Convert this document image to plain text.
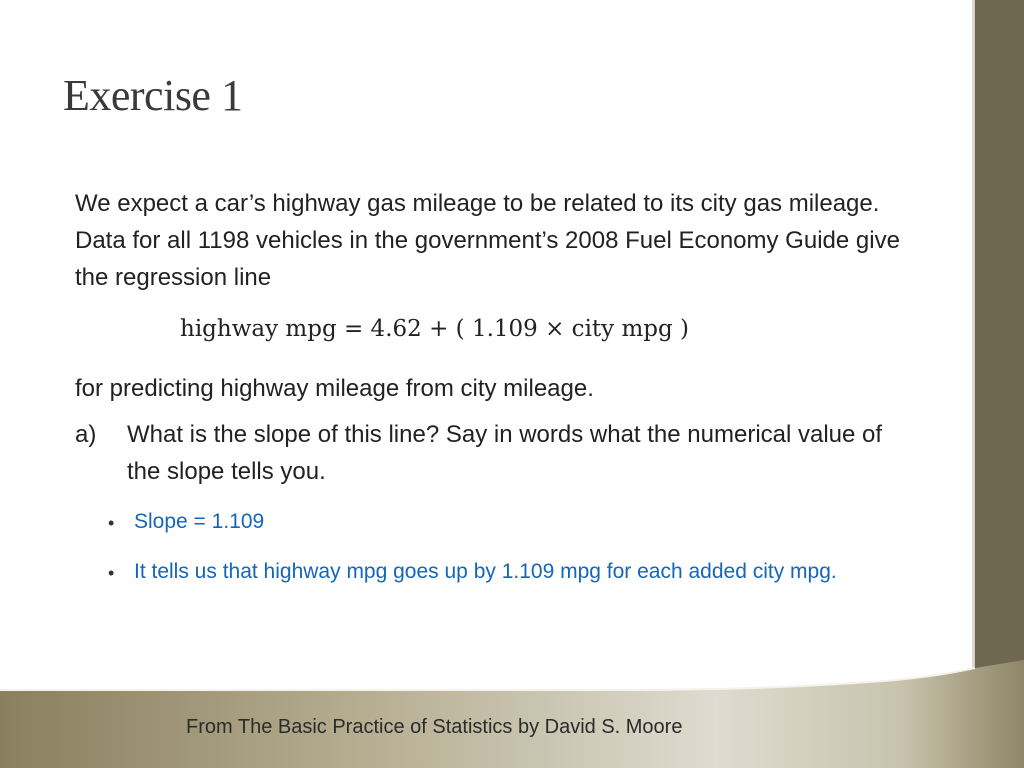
From The Basic Practice of Statistics by David S. Moore
Exercise 1
We expect a car’s highway gas mileage to be related to its city gas mileage. Data for all 1198 vehicles in the government’s 2008 Fuel Economy Guide give the regression line
highway mpg = 4.62 + ( 1.109 × city mpg )
for predicting highway mileage from city mileage.
a) What is the slope of this line? Say in words what the numerical value of the slope tells you.
• Slope = 1.109
• It tells us that highway mpg goes up by 1.109 mpg for each added city mpg.
